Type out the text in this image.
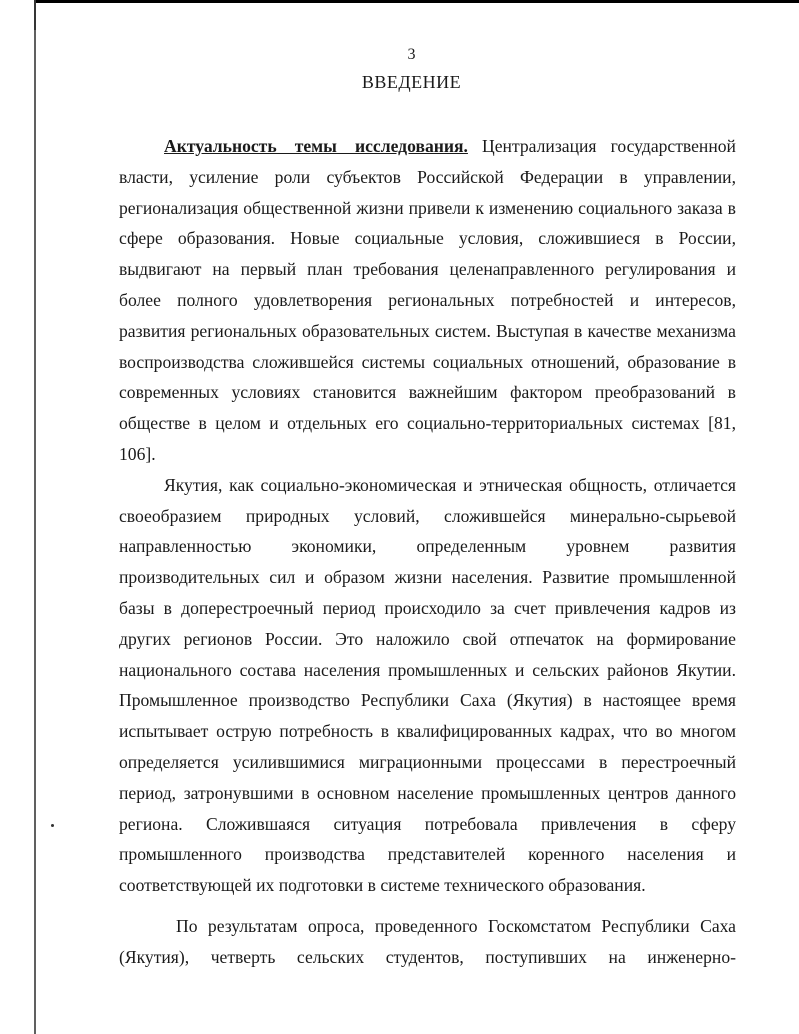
3
ВВЕДЕНИЕ

Актуальность темы исследования. Централизация государственной власти, усиление роли субъектов Российской Федерации в управлении, регионализация общественной жизни привели к изменению социального заказа в сфере образования. Новые социальные условия, сложившиеся в России, выдвигают на первый план требования целенаправленного регулирования и более полного удовлетворения региональных потребностей и интересов, развития региональных образовательных систем. Выступая в качестве механизма воспроизводства сложившейся системы социальных отношений, образование в современных условиях становится важнейшим фактором преобразований в обществе в целом и отдельных его социально-территориальных системах [81, 106].

Якутия, как социально-экономическая и этническая общность, отличается своеобразием природных условий, сложившейся минерально-сырьевой направленностью экономики, определенным уровнем развития производительных сил и образом жизни населения. Развитие промышленной базы в доперестроечный период происходило за счет привлечения кадров из других регионов России. Это наложило свой отпечаток на формирование национального состава населения промышленных и сельских районов Якутии. Промышленное производство Республики Саха (Якутия) в настоящее время испытывает острую потребность в квалифицированных кадрах, что во многом определяется усилившимися миграционными процессами в перестроечный период, затронувшими в основном население промышленных центров данного региона. Сложившаяся ситуация потребовала привлечения в сферу промышленного производства представителей коренного населения и соответствующей их подготовки в системе технического образования.

По результатам опроса, проведенного Госкомстатом Республики Саха (Якутия), четверть сельских студентов, поступивших на инженерно-
